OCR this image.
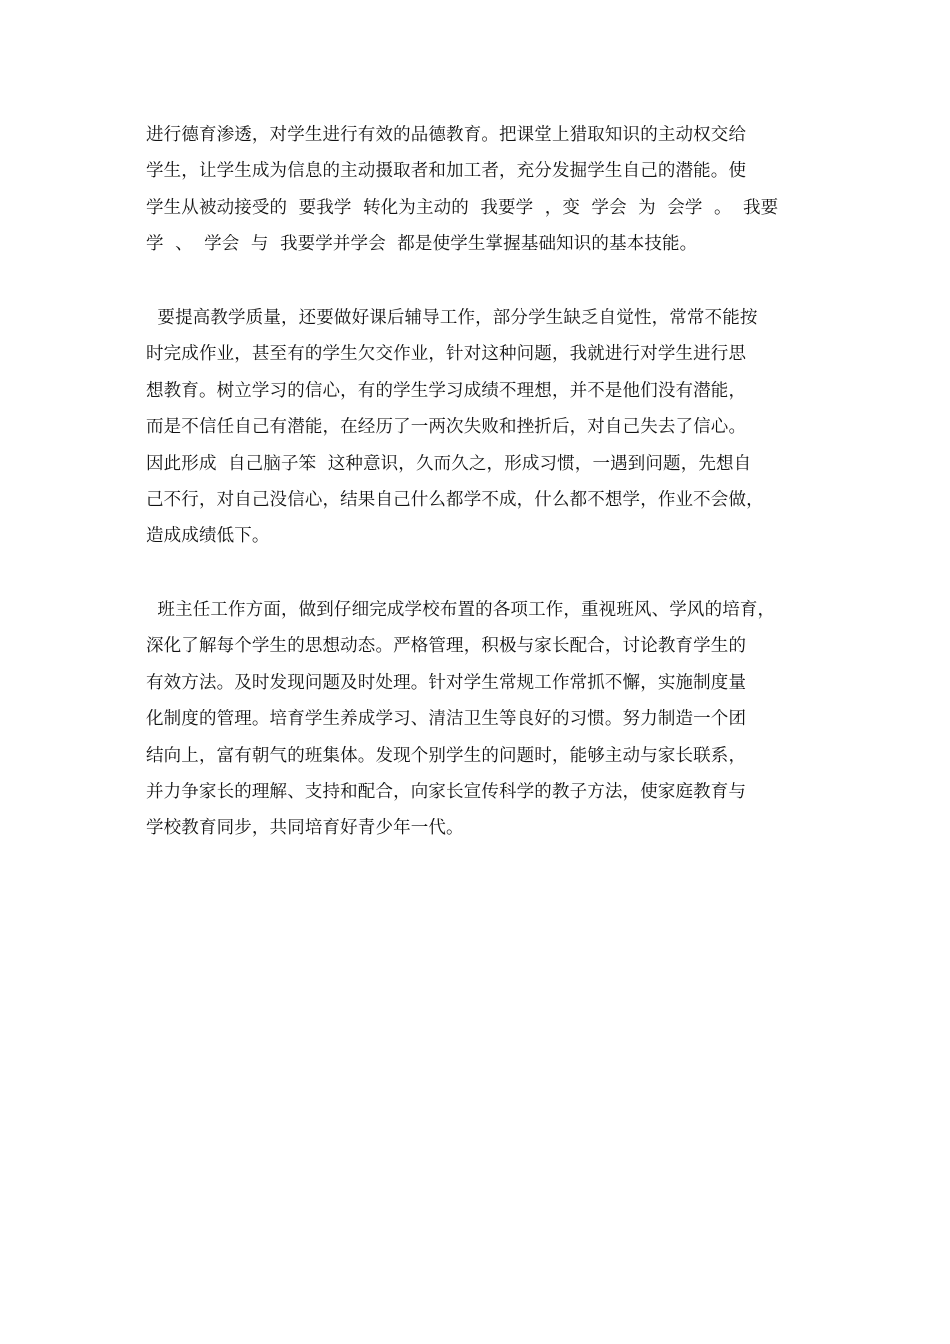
进行德育渗透，对学生进行有效的品德教育。把课堂上猎取知识的主动权交给
学生，让学生成为信息的主动摄取者和加工者，充分发掘学生自己的潜能。使
学生从被动接受的  要我学  转化为主动的  我要学  ，变  学会  为  会学  。  我要
学  、  学会  与  我要学并学会  都是使学生掌握基础知识的基本技能。
要提高教学质量，还要做好课后辅导工作，部分学生缺乏自觉性，常常不能按
时完成作业，甚至有的学生欠交作业，针对这种问题，我就进行对学生进行思
想教育。树立学习的信心，有的学生学习成绩不理想，并不是他们没有潜能，
而是不信任自己有潜能，在经历了一两次失败和挫折后，对自己失去了信心。
因此形成  自己脑子笨  这种意识，久而久之，形成习惯，一遇到问题，先想自
己不行，对自己没信心，结果自己什么都学不成，什么都不想学，作业不会做，
造成成绩低下。
班主任工作方面，做到仔细完成学校布置的各项工作，重视班风、学风的培育，
深化了解每个学生的思想动态。严格管理，积极与家长配合，讨论教育学生的
有效方法。及时发现问题及时处理。针对学生常规工作常抓不懈，实施制度量
化制度的管理。培育学生养成学习、清洁卫生等良好的习惯。努力制造一个团
结向上，富有朝气的班集体。发现个别学生的问题时，能够主动与家长联系，
并力争家长的理解、支持和配合，向家长宣传科学的教子方法，使家庭教育与
学校教育同步，共同培育好青少年一代。
